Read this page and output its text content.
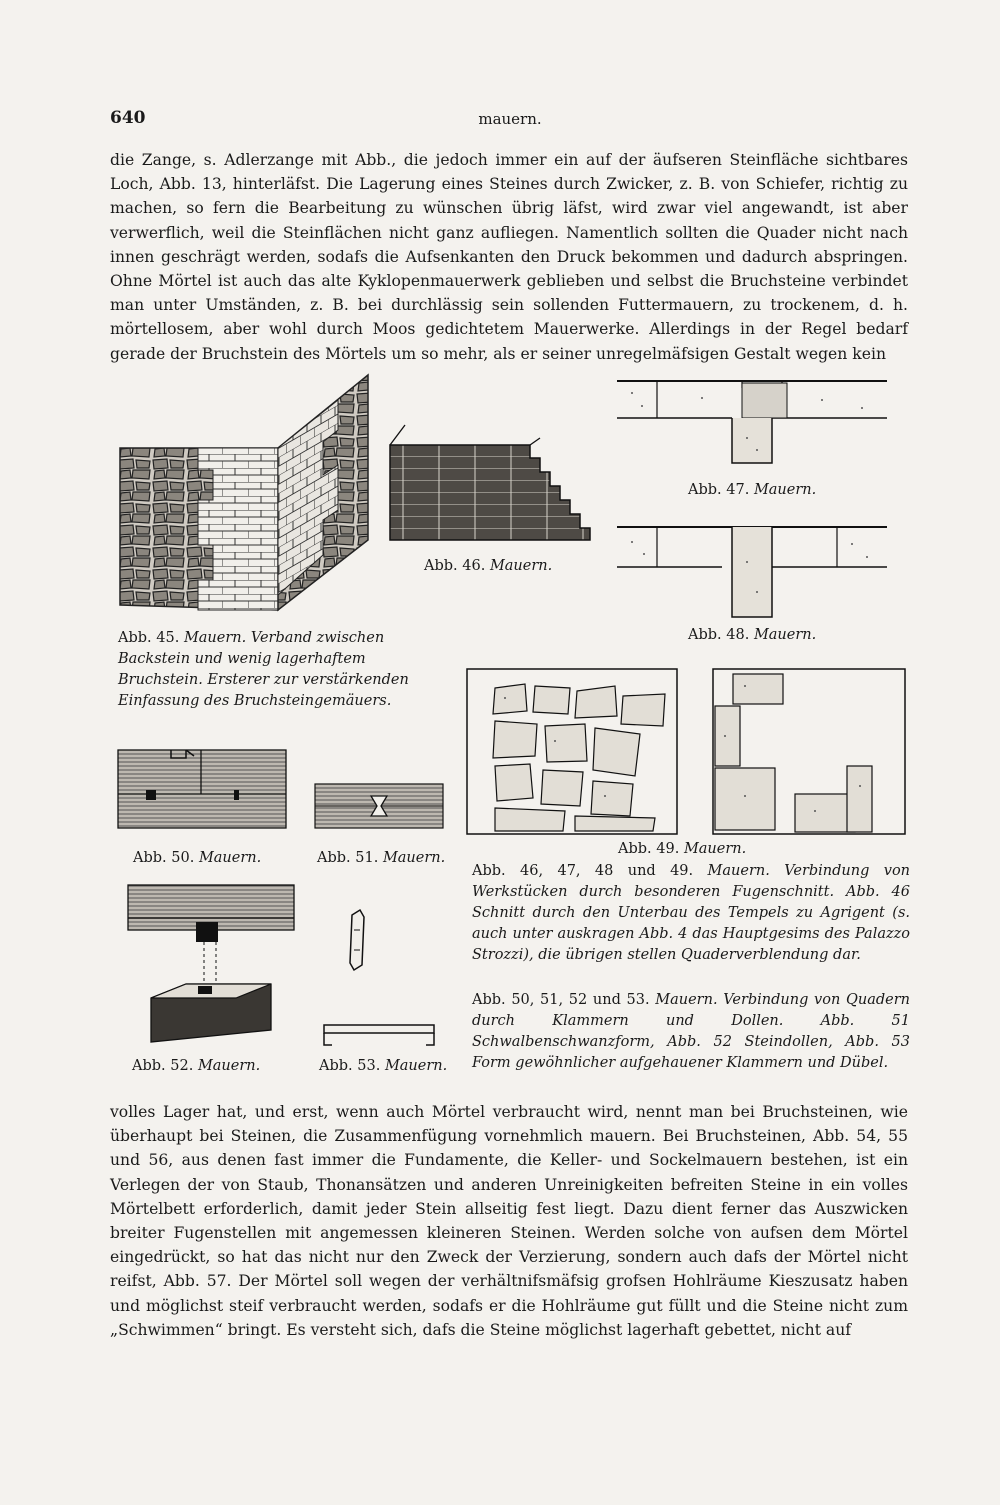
640	mauern.

die Zange, s. Adlerzange mit Abb., die jedoch immer ein auf der äufseren Steinfläche sichtbares Loch, Abb. 13, hinterläfst. Die Lagerung eines Steines durch Zwicker, z. B. von Schiefer, richtig zu machen, so fern die Bearbeitung zu wünschen übrig läfst, wird zwar viel angewandt, ist aber verwerflich, weil die Steinflächen nicht ganz aufliegen. Namentlich sollten die Quader nicht nach innen geschrägt werden, sodafs die Aufsenkanten den Druck bekommen und dadurch abspringen. Ohne Mörtel ist auch das alte Kyklopenmauerwerk geblieben und selbst die Bruchsteine verbindet man unter Umständen, z. B. bei durchlässig sein sollenden Futtermauern, zu trockenem, d. h. mörtellosem, aber wohl durch Moos gedichtetem Mauerwerke. Allerdings in der Regel bedarf gerade der Bruchstein des Mörtels um so mehr, als er seiner unregelmäfsigen Gestalt wegen kein

Abb. 45. Mauern. Verband zwischen Backstein und wenig lagerhaftem Bruchstein. Ersterer zur verstärkenden Einfassung des Bruchsteingemäuers.
Abb. 46. Mauern.
Abb. 47. Mauern.
Abb. 48. Mauern.
Abb. 49. Mauern.
Abb. 46, 47, 48 und 49. Mauern. Verbindung von Werkstücken durch besonderen Fugenschnitt. Abb. 46 Schnitt durch den Unterbau des Tempels zu Agrigent (s. auch unter auskragen Abb. 4 das Hauptgesims des Palazzo Strozzi), die übrigen stellen Quaderverblendung dar.
Abb. 50. Mauern.	Abb. 51. Mauern.
Abb. 52. Mauern.	Abb. 53. Mauern.
Abb. 50, 51, 52 und 53. Mauern. Verbindung von Quadern durch Klammern und Dollen. Abb. 51 Schwalbenschwanzform, Abb. 52 Steindollen, Abb. 53 Form gewöhnlicher aufgehauener Klammern und Dübel.

volles Lager hat, und erst, wenn auch Mörtel verbraucht wird, nennt man bei Bruchsteinen, wie überhaupt bei Steinen, die Zusammenfügung vornehmlich mauern. Bei Bruchsteinen, Abb. 54, 55 und 56, aus denen fast immer die Fundamente, die Keller- und Sockelmauern bestehen, ist ein Verlegen der von Staub, Thonansätzen und anderen Unreinigkeiten befreiten Steine in ein volles Mörtelbett erforderlich, damit jeder Stein allseitig fest liegt. Dazu dient ferner das Auszwicken breiter Fugenstellen mit angemessen kleineren Steinen. Werden solche von aufsen dem Mörtel eingedrückt, so hat das nicht nur den Zweck der Verzierung, sondern auch dafs der Mörtel nicht reifst, Abb. 57. Der Mörtel soll wegen der verhältnifsmäfsig grofsen Hohlräume Kieszusatz haben und möglichst steif verbraucht werden, sodafs er die Hohlräume gut füllt und die Steine nicht zum „Schwimmen“ bringt. Es versteht sich, dafs die Steine möglichst lagerhaft gebettet, nicht auf
